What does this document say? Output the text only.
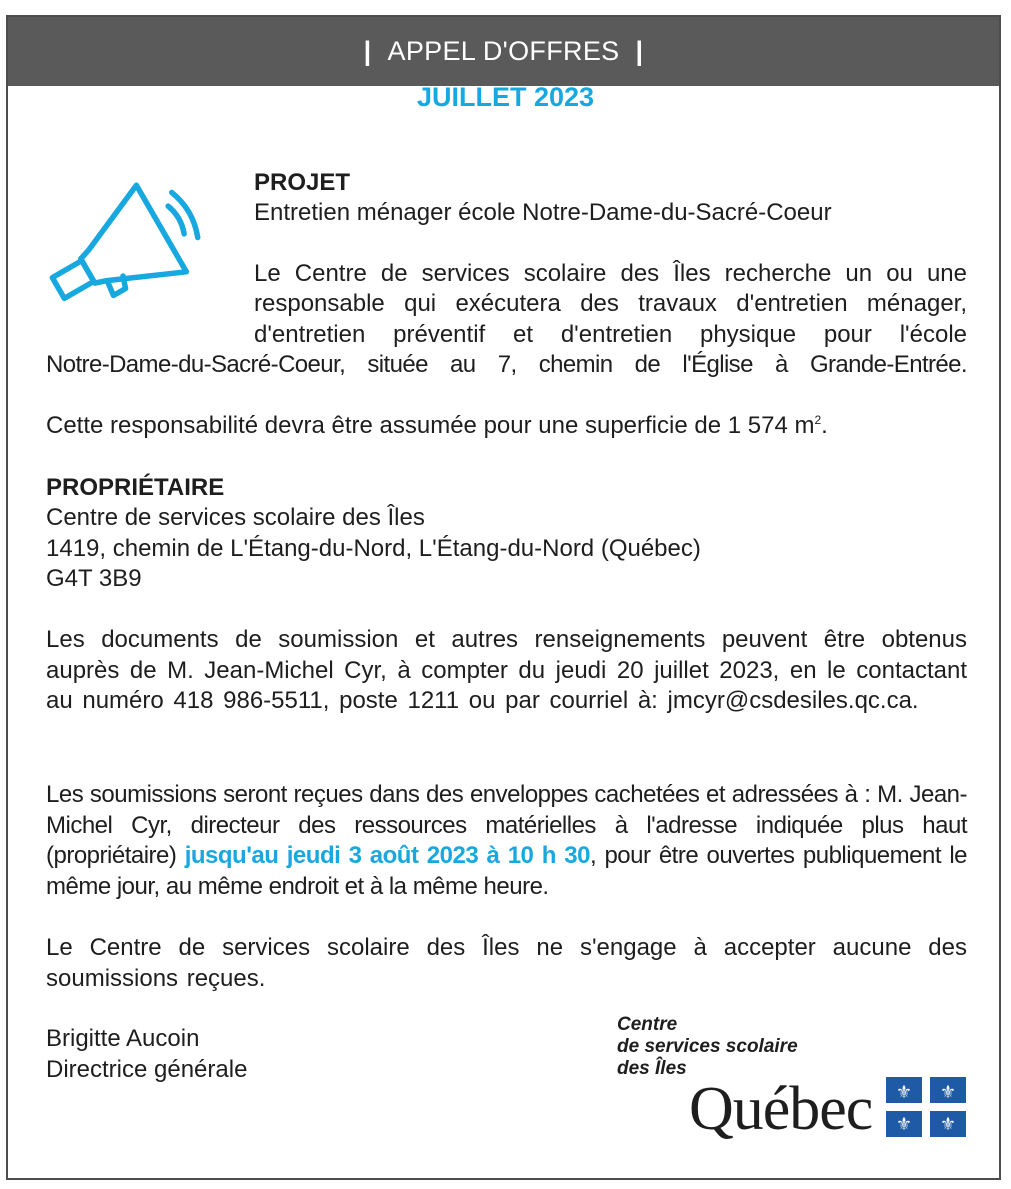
| APPEL D'OFFRES |
JUILLET 2023
PROJET
Entretien ménager école Notre-Dame-du-Sacré-Coeur
Le Centre de services scolaire des Îles recherche un ou une
responsable qui exécutera des travaux d'entretien ménager,
d'entretien préventif et d'entretien physique pour l'école
Notre-Dame-du-Sacré-Coeur, située au 7, chemin de l'Église à Grande-Entrée.
Cette responsabilité devra être assumée pour une superficie de 1 574 $m^2$.
PROPRIÉTAIRE
Centre de services scolaire des Îles
1419, chemin de L'Étang-du-Nord, L'Étang-du-Nord (Québec)
G4T 3B9
Les documents de soumission et autres renseignements peuvent être obtenus auprès de M. Jean-Michel Cyr, à compter du jeudi 20 juillet 2023, en le contactant au numéro 418 986-5511, poste 1211 ou par courriel à: jmcyr@csdesiles.qc.ca.
Les soumissions seront reçues dans des enveloppes cachetées et adressées à : M. Jean-Michel Cyr, directeur des ressources matérielles à l'adresse indiquée plus haut (propriétaire) jusqu'au jeudi 3 août 2023 à 10 h 30, pour être ouvertes publiquement le même jour, au même endroit et à la même heure.
Le Centre de services scolaire des Îles ne s'engage à accepter aucune des soumissions reçues.
Brigitte Aucoin
Directrice générale
Centre
de services scolaire
des Îles
Québec ⚜ ⚜
⚜ ⚜
